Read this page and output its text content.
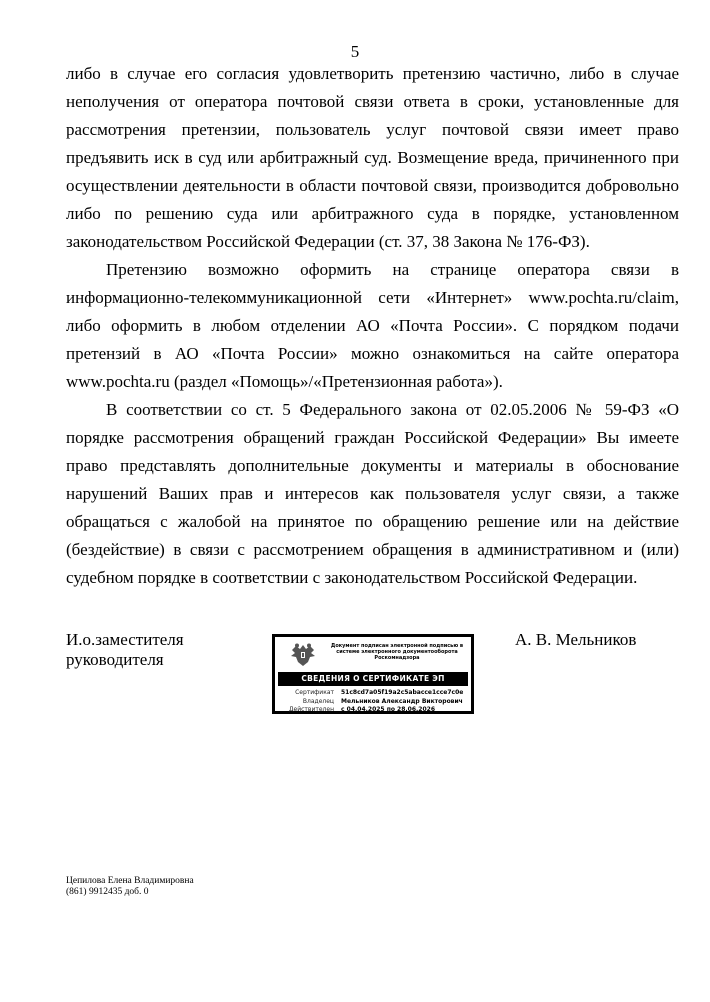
5

либо в случае его согласия удовлетворить претензию частично, либо в случае неполучения от оператора почтовой связи ответа в сроки, установленные для рассмотрения претензии, пользователь услуг почтовой связи имеет право предъявить иск в суд или арбитражный суд. Возмещение вреда, причиненного при осуществлении деятельности в области почтовой связи, производится добровольно либо по решению суда или арбитражного суда в порядке, установленном законодательством Российской Федерации (ст. 37, 38 Закона № 176-ФЗ).

Претензию возможно оформить на странице оператора связи в информационно-телекоммуникационной сети «Интернет» www.pochta.ru/claim, либо оформить в любом отделении АО «Почта России». С порядком подачи претензий в АО «Почта России» можно ознакомиться на сайте оператора www.pochta.ru (раздел «Помощь»/«Претензионная работа»).

В соответствии со ст. 5 Федерального закона от 02.05.2006 № 59-ФЗ «О порядке рассмотрения обращений граждан Российской Федерации» Вы имеете право представлять дополнительные документы и материалы в обоснование нарушений Ваших прав и интересов как пользователя услуг связи, а также обращаться с жалобой на принятое по обращению решение или на действие (бездействие) в связи с рассмотрением обращения в административном и (или) судебном порядке в соответствии с законодательством Российской Федерации.

И.о.заместителя
руководителя
Документ подписан электронной подписью в
системе электронного документооборота
Роскомнадзора
СВЕДЕНИЯ О СЕРТИФИКАТЕ ЭП
Сертификат 51c8cd7a05f19a2c5abacce1cce7c0e
Владелец Мельников Александр Викторович
Действителен с 04.04.2025 по 28.06.2026
А. В. Мельников
Цепилова Елена Владимировна
(861) 9912435 доб. 0
